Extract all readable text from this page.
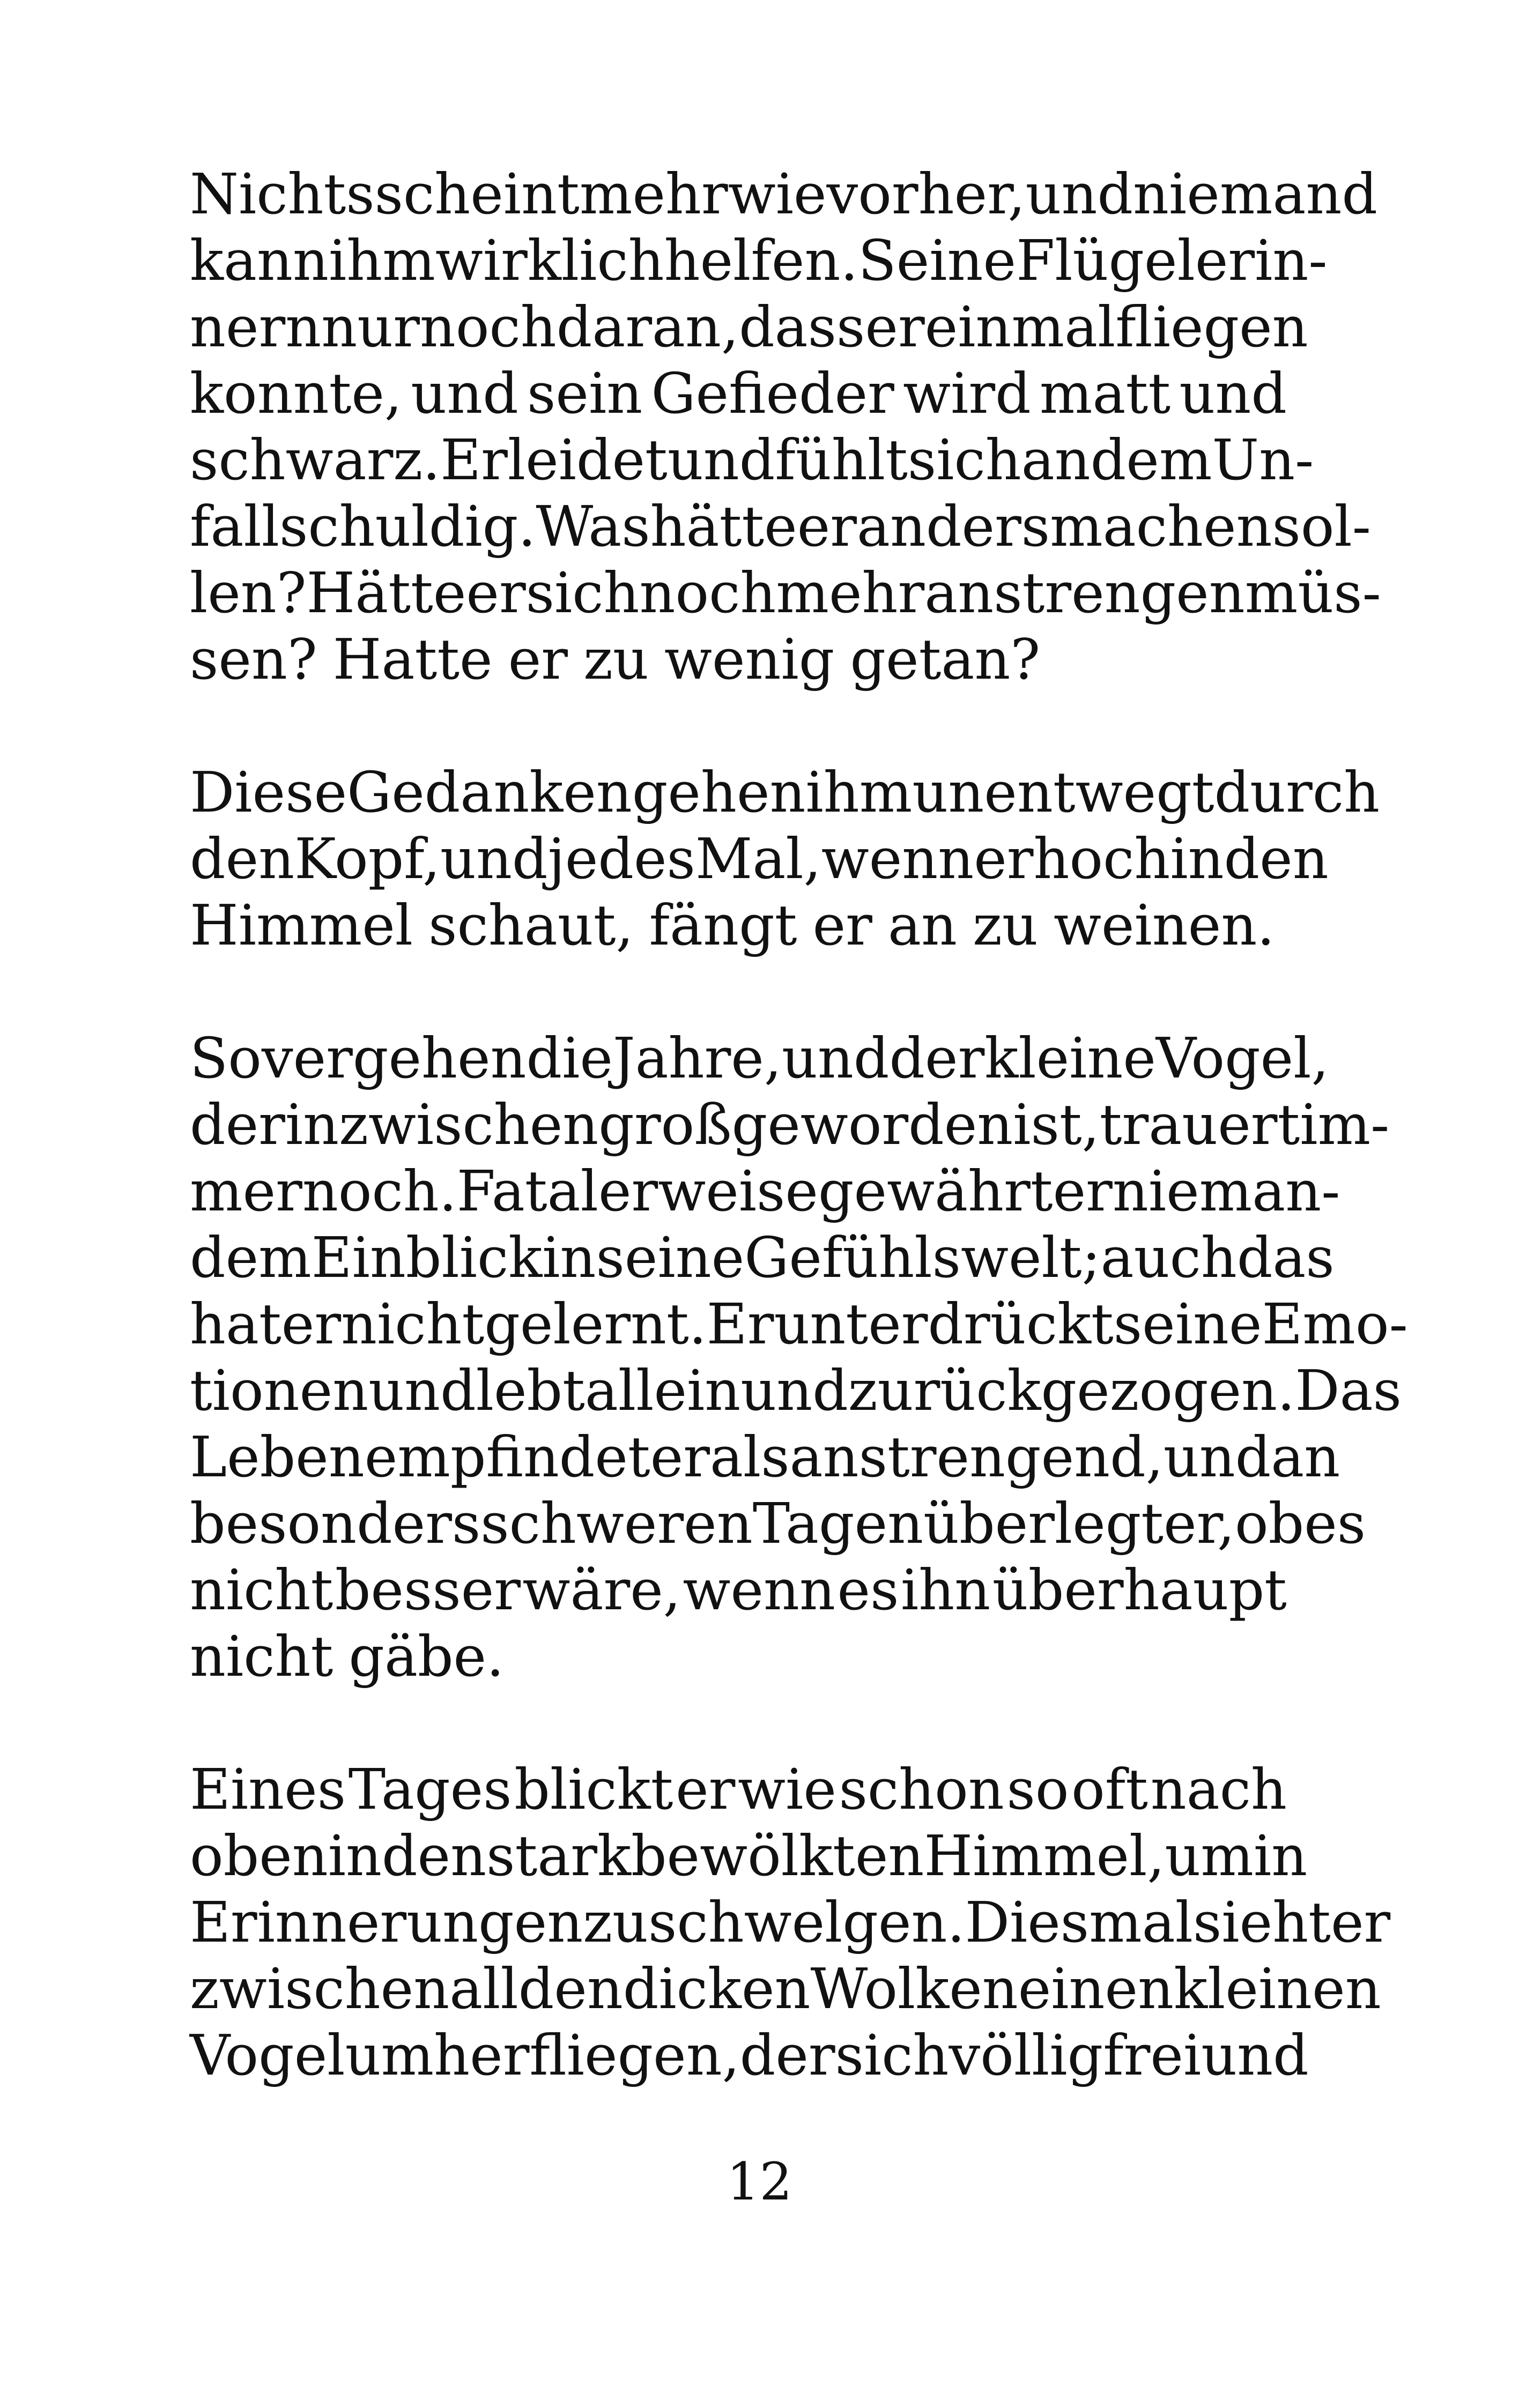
Nichts scheint mehr wie vorher, und niemand
kann ihm wirklich helfen. Seine Flügel erin-
nern nur noch daran, dass er einmal fliegen
konnte, und sein Gefieder wird matt und
schwarz. Er leidet und fühlt sich an dem Un-
fall schuldig. Was hätte er anders machen sol-
len? Hätte er sich noch mehr anstrengen müs-
sen? Hatte er zu wenig getan?
Diese Gedanken gehen ihm unentwegt durch
den Kopf, und jedes Mal, wenn er hoch in den
Himmel schaut, fängt er an zu weinen.
So vergehen die Jahre, und der kleine Vogel,
der inzwischen groß geworden ist, trauert im-
mer noch. Fatalerweise gewährt er nieman-
dem Einblick in seine Gefühlswelt; auch das
hat er nicht gelernt. Er unterdrückt seine Emo-
tionen und lebt allein und zurückgezogen. Das
Leben empfindet er als anstrengend, und an
besonders schweren Tagen überlegt er, ob es
nicht besser wäre, wenn es ihn überhaupt
nicht gäbe.
Eines Tages blickt er wie schon so oft nach
oben in den stark bewölkten Himmel, um in
Erinnerungen zu schwelgen. Diesmal sieht er
zwischen all den dicken Wolken einen kleinen
Vogel umherfliegen, der sich völlig frei und
12
